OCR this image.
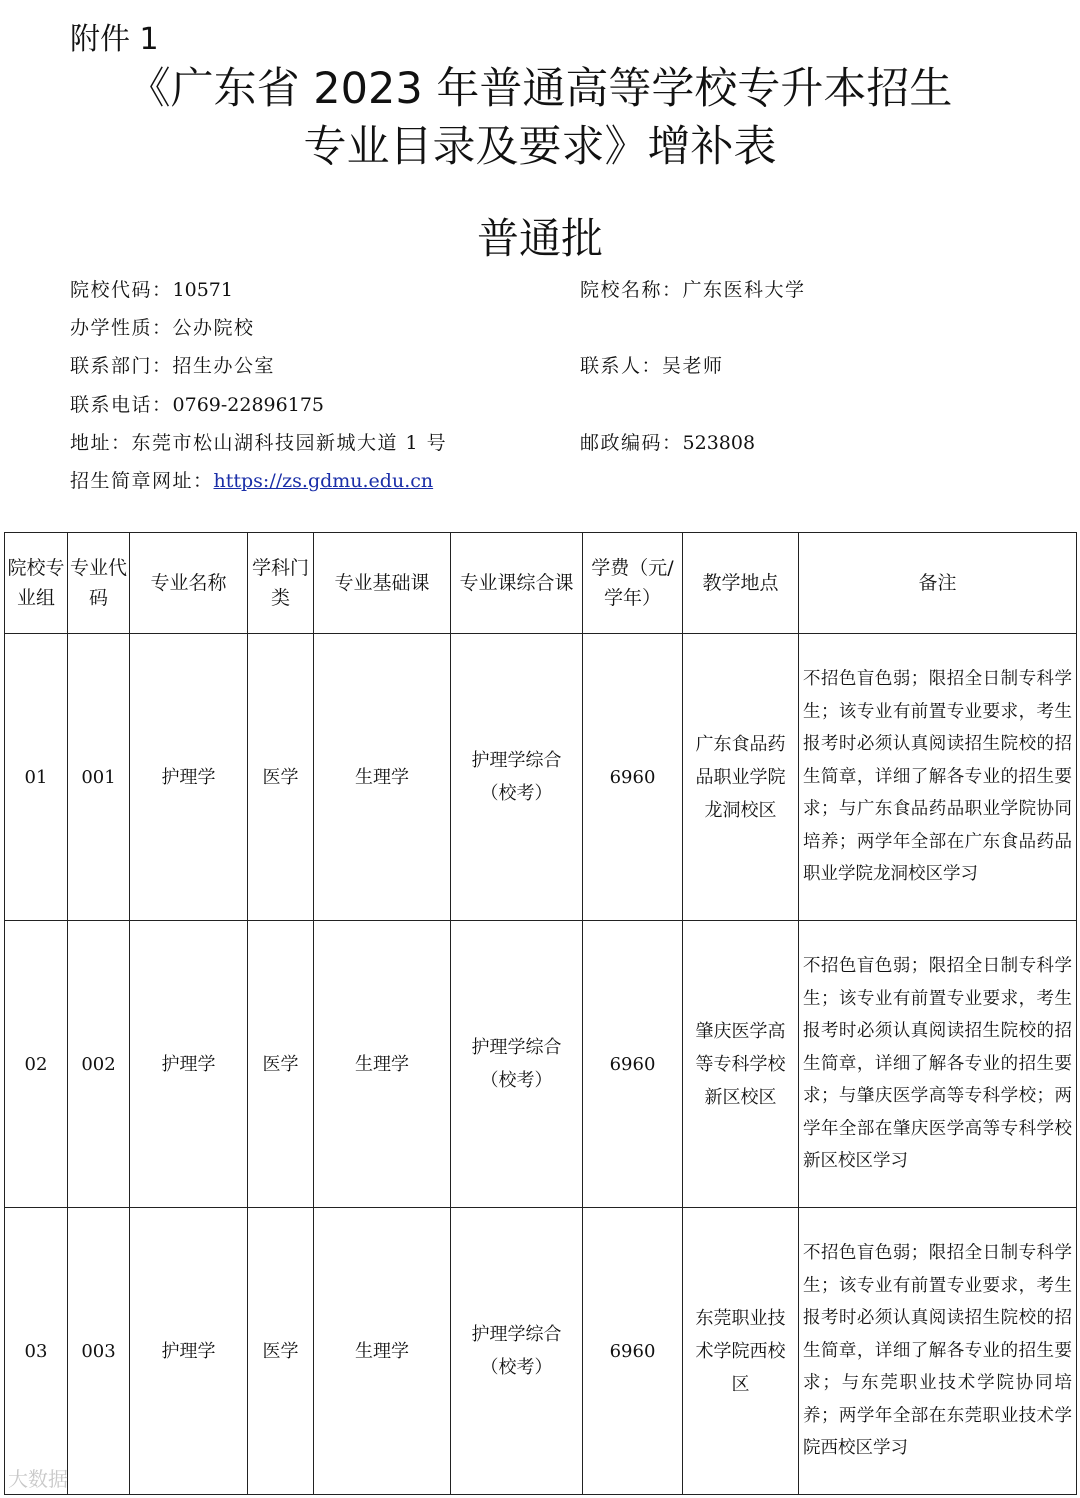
附件 1
《广东省 2023 年普通高等学校专升本招生
专业目录及要求》增补表
普通批
院校代码：10571	院校名称：广东医科大学
办学性质：公办院校
联系部门：招生办公室	联系人：吴老师
联系电话：0769-22896175
地址：东莞市松山湖科技园新城大道 1 号	邮政编码：523808
招生简章网址：https://zs.gdmu.edu.cn
院校专业组	专业代码	专业名称	学科门类	专业基础课	专业课综合课	学费（元/学年）	教学地点	备注
01	001	护理学	医学	生理学	护理学综合（校考）	6960	广东食品药品职业学院龙洞校区	不招色盲色弱；限招全日制专科学生；该专业有前置专业要求，考生报考时必须认真阅读招生院校的招生简章，详细了解各专业的招生要求；与广东食品药品职业学院协同培养；两学年全部在广东食品药品职业学院龙洞校区学习
02	002	护理学	医学	生理学	护理学综合（校考）	6960	肇庆医学高等专科学校新区校区	不招色盲色弱；限招全日制专科学生；该专业有前置专业要求，考生报考时必须认真阅读招生院校的招生简章，详细了解各专业的招生要求；与肇庆医学高等专科学校；两学年全部在肇庆医学高等专科学校新区校区学习
03	003	护理学	医学	生理学	护理学综合（校考）	6960	东莞职业技术学院西校区	不招色盲色弱；限招全日制专科学生；该专业有前置专业要求，考生报考时必须认真阅读招生院校的招生简章，详细了解各专业的招生要求；与东莞职业技术学院协同培养；两学年全部在东莞职业技术学院西校区学习
大数据
